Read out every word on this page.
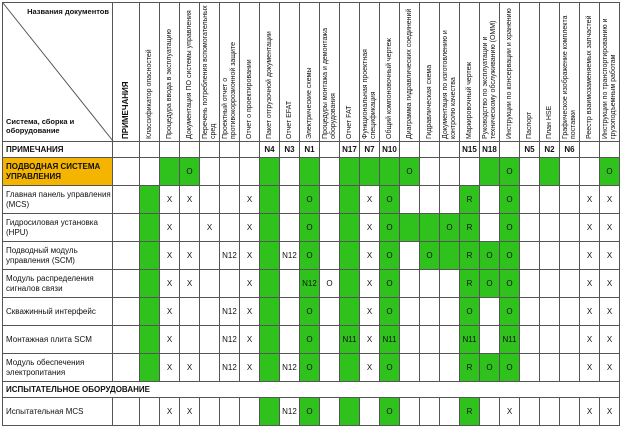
Названия документов
Система, сборка и оборудование	ПРИМЕЧАНИЯ	Классификатор опасностей	Процедура ввода в эксплуатацию	Документация ПО системы управления	Перечень потребления вспомогательных сред	Проектный отчет о противокоррозионной защите	Отчет о проектировании	Пакет отгрузочной документации	Отчет EFAT	Электрические схемы	Процедуры монтажа и демонтажа оборудования	Отчет FAT	Функциональная проектная спецификация	Общий компоновочный чертеж	Диаграмма гидравлических соединений	Гидравлическая схема	Документация по изготовлению и контролю качества	Маркировочный чертеж	Руководство по эксплуатации и техническому обслуживанию (ОММ)	Инструкции по консервации и хранению	Паспорт	План HSE	Графическое изображение комплекта поставки	Реестр взаимозаменяемых запчастей	Инструкции по транспортированию и грузоподъемным работам	

ПРИМЕЧАНИЯ								N4	N3	N1		N17	N7	N10				N15	N18		N5	N2	N6			
ПОДВОДНАЯ СИСТЕМА УПРАВЛЕНИЯ				O											O					O					O	
Главная панель управления (MCS)			X	X			X			O			X	O				R		O				X	X	
Гидросиловая установка (HPU)			X		X		X			O			X	O			O	R		O				X	X	
Подводный модуль управления (SCM)			X	X		N12	X		N12	O			X	O		O		R	O	O				X	X	
Модуль распределения сигналов связи			X	X			X			N12	O		X	O				R	O	O				X	X	
Скважинный интерфейс			X			N12	X			O			X	O				O		O				X	X	
Монтажная плита SCM			X			N12	X			O		N11	X	N11				N11		N11				X	X	
Модуль обеспечения электропитания			X	X		N12	X		N12	O			X	O				R	O	O				X	X	
ИСПЫТАТЕЛЬНОЕ ОБОРУДОВАНИЕ																										
Испытательная MCS			X	X					N12	O				O				R		X				X	X	
